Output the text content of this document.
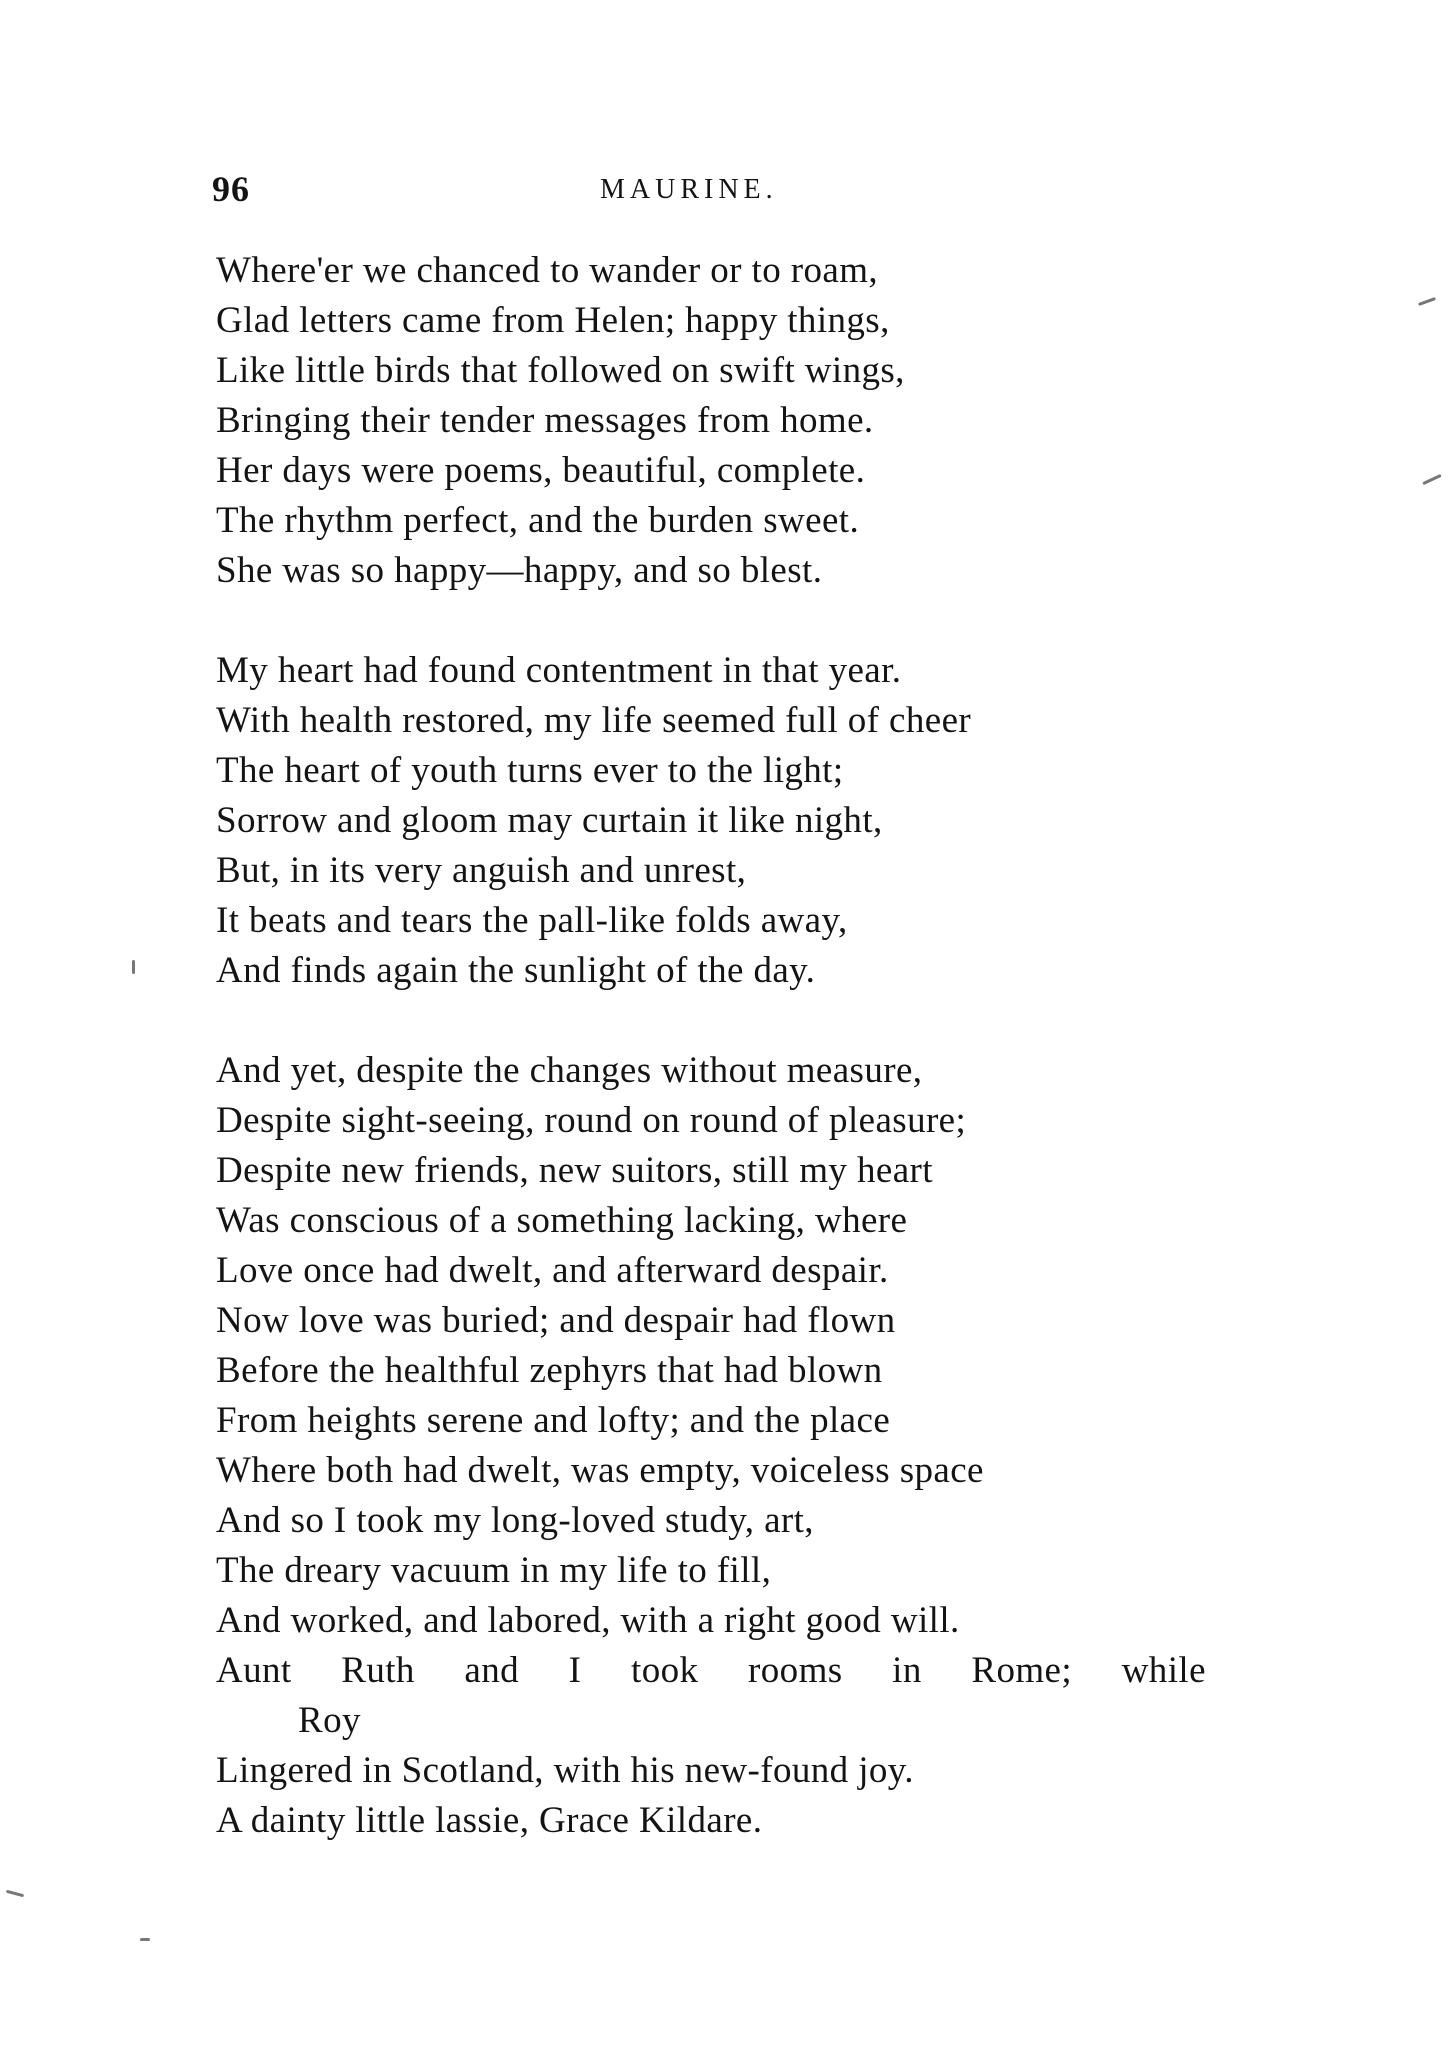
96	MAURINE.
Where'er we chanced to wander or to roam,
Glad letters came from Helen; happy things,
Like little birds that followed on swift wings,
Bringing their tender messages from home.
Her days were poems, beautiful, complete.
The rhythm perfect, and the burden sweet.
She was so happy—happy, and so blest.
My heart had found contentment in that year.
With health restored, my life seemed full of cheer
The heart of youth turns ever to the light;
Sorrow and gloom may curtain it like night,
But, in its very anguish and unrest,
It beats and tears the pall-like folds away,
And finds again the sunlight of the day.
And yet, despite the changes without measure,
Despite sight-seeing, round on round of pleasure;
Despite new friends, new suitors, still my heart
Was conscious of a something lacking, where
Love once had dwelt, and afterward despair.
Now love was buried; and despair had flown
Before the healthful zephyrs that had blown
From heights serene and lofty; and the place
Where both had dwelt, was empty, voiceless space
And so I took my long-loved study, art,
The dreary vacuum in my life to fill,
And worked, and labored, with a right good will.
Aunt Ruth and I took rooms in Rome; while
Roy
Lingered in Scotland, with his new-found joy.
A dainty little lassie, Grace Kildare.
